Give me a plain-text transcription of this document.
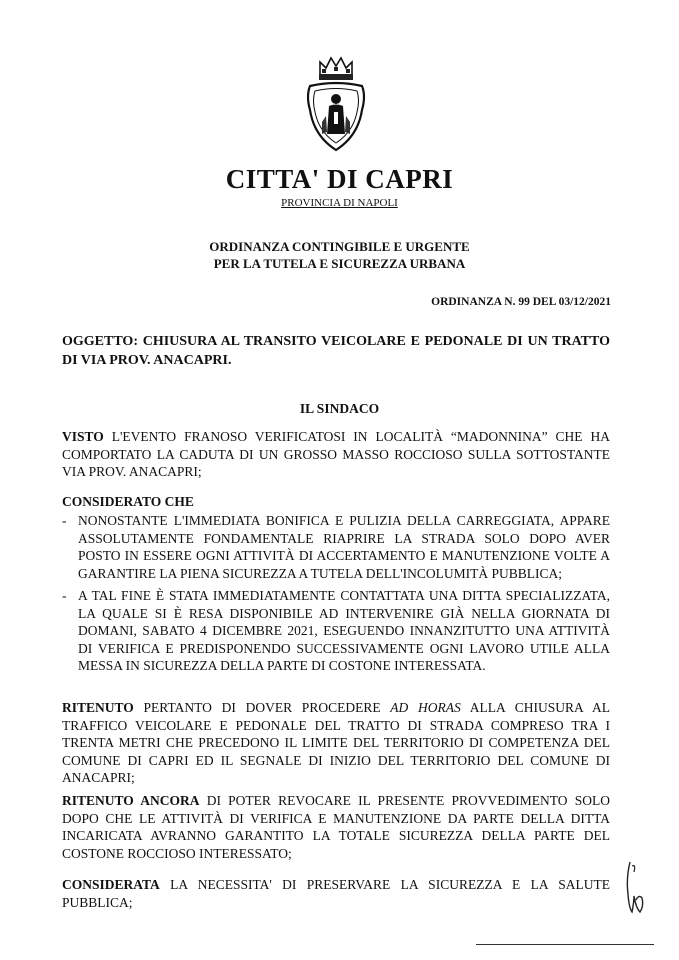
CITTA' DI CAPRI
PROVINCIA DI NAPOLI
ORDINANZA CONTINGIBILE E URGENTE
PER LA TUTELA E SICUREZZA URBANA
ORDINANZA N. 99 DEL 03/12/2021
OGGETTO: CHIUSURA AL TRANSITO VEICOLARE E PEDONALE DI UN TRATTO DI VIA PROV. ANACAPRI.
IL SINDACO
VISTO L'EVENTO FRANOSO VERIFICATOSI IN LOCALITÀ “MADONNINA” CHE HA COMPORTATO LA CADUTA DI UN GROSSO MASSO ROCCIOSO SULLA SOTTOSTANTE VIA PROV. ANACAPRI;
CONSIDERATO CHE
- NONOSTANTE L'IMMEDIATA BONIFICA E PULIZIA DELLA CARREGGIATA, APPARE ASSOLUTAMENTE FONDAMENTALE RIAPRIRE LA STRADA SOLO DOPO AVER POSTO IN ESSERE OGNI ATTIVITÀ DI ACCERTAMENTO E MANUTENZIONE VOLTE A GARANTIRE LA PIENA SICUREZZA A TUTELA DELL'INCOLUMITÀ PUBBLICA;
- A TAL FINE È STATA IMMEDIATAMENTE CONTATTATA UNA DITTA SPECIALIZZATA, LA QUALE SI È RESA DISPONIBILE AD INTERVENIRE GIÀ NELLA GIORNATA DI DOMANI, SABATO 4 DICEMBRE 2021, ESEGUENDO INNANZITUTTO UNA ATTIVITÀ DI VERIFICA E PREDISPONENDO SUCCESSIVAMENTE OGNI LAVORO UTILE ALLA MESSA IN SICUREZZA DELLA PARTE DI COSTONE INTERESSATA.
RITENUTO PERTANTO DI DOVER PROCEDERE AD HORAS ALLA CHIUSURA AL TRAFFICO VEICOLARE E PEDONALE DEL TRATTO DI STRADA COMPRESO TRA I TRENTA METRI CHE PRECEDONO IL LIMITE DEL TERRITORIO DI COMPETENZA DEL COMUNE DI CAPRI ED IL SEGNALE DI INIZIO DEL TERRITORIO DEL COMUNE DI ANACAPRI;
RITENUTO ANCORA DI POTER REVOCARE IL PRESENTE PROVVEDIMENTO SOLO DOPO CHE LE ATTIVITÀ DI VERIFICA E MANUTENZIONE DA PARTE DELLA DITTA INCARICATA AVRANNO GARANTITO LA TOTALE SICUREZZA DELLA PARTE DEL COSTONE ROCCIOSO INTERESSATO;
CONSIDERATA LA NECESSITA' DI PRESERVARE LA SICUREZZA E LA SALUTE PUBBLICA;
